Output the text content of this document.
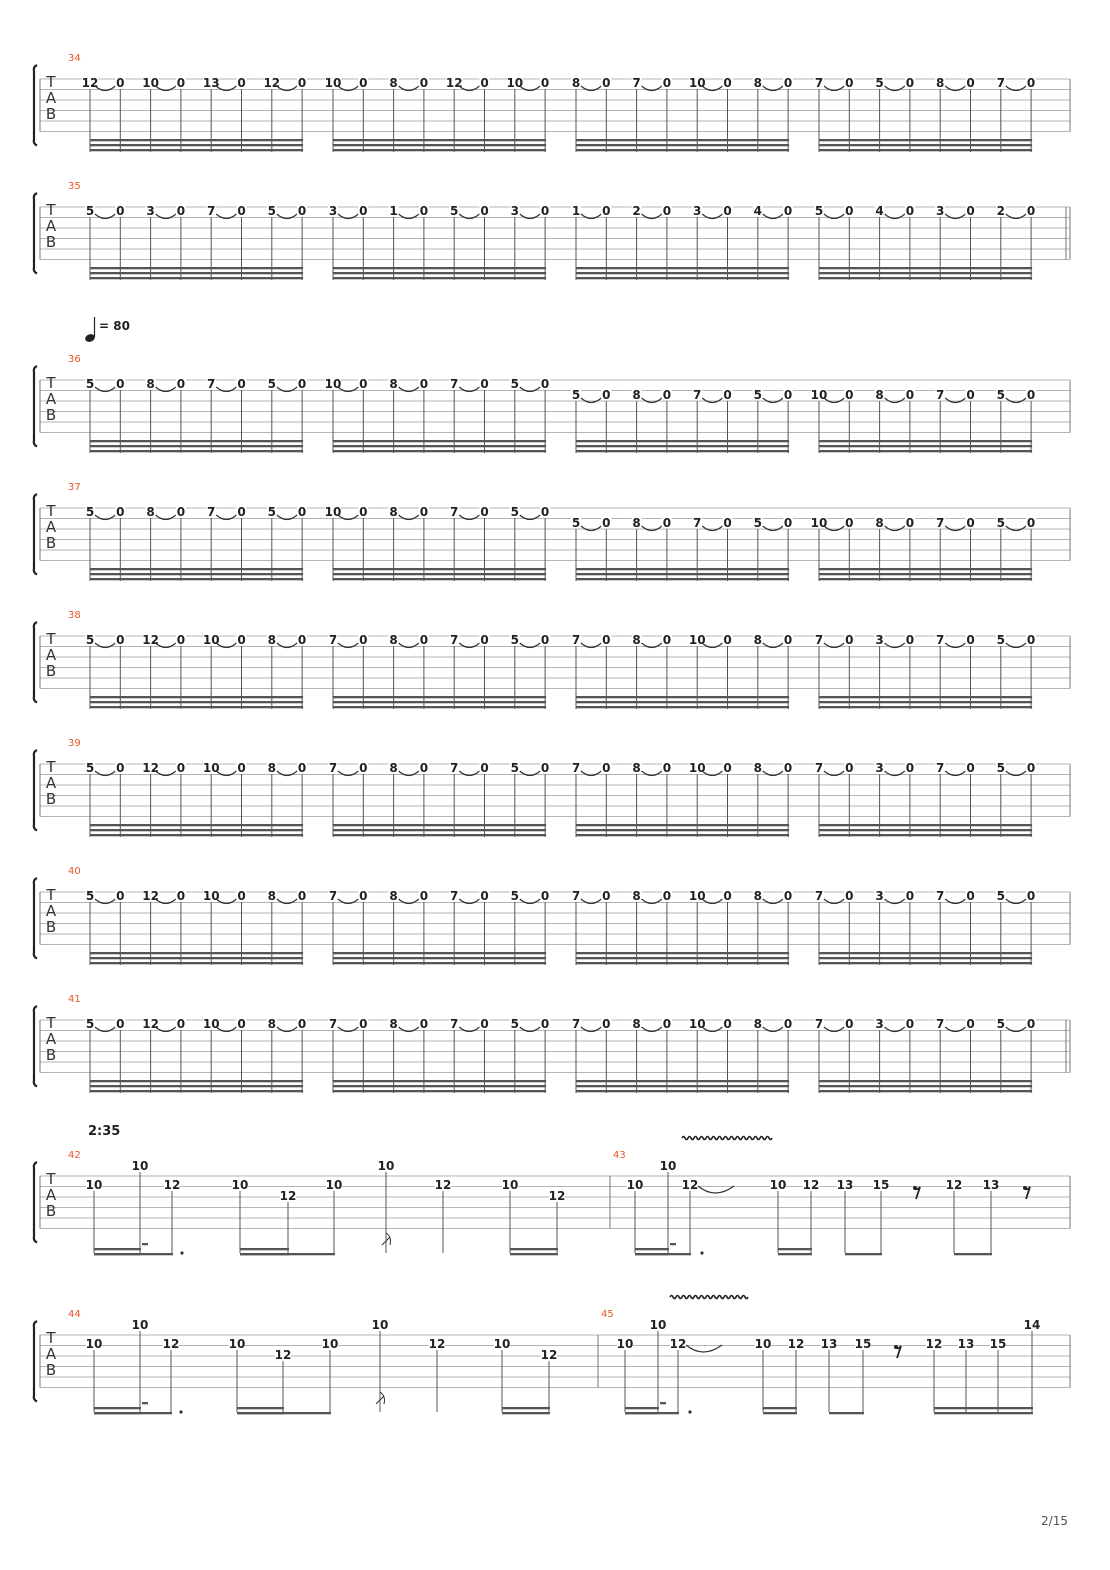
T
A
B
34
12 0 10 0 13 0 12 0 10 0 8 0 12 0 10 0 8 0 7 0 10 0 8 0 7 0 5 0 8 0 7 0
T
A
B
35
5 0 3 0 7 0 5 0 3 0 1 0 5 0 3 0 1 0 2 0 3 0 4 0 5 0 4 0 3 0 2 0
T
A
B
36
5 0 8 0 7 0 5 0 10 0 8 0 7 0 5 0
5 0 8 0 7 0 5 0 10 0 8 0 7 0 5 0
T
A
B
37
5 0 8 0 7 0 5 0 10 0 8 0 7 0 5 0
5 0 8 0 7 0 5 0 10 0 8 0 7 0 5 0
T
A
B
38
5 0 12 0 10 0 8 0 7 0 8 0 7 0 5 0 7 0 8 0 10 0 8 0 7 0 3 0 7 0 5 0
T
A
B
39
5 0 12 0 10 0 8 0 7 0 8 0 7 0 5 0 7 0 8 0 10 0 8 0 7 0 3 0 7 0 5 0
T
A
B
40
5 0 12 0 10 0 8 0 7 0 8 0 7 0 5 0 7 0 8 0 10 0 8 0 7 0 3 0 7 0 5 0
T
A
B
41
5 0 12 0 10 0 8 0 7 0 8 0 7 0 5 0 7 0 8 0 10 0 8 0 7 0 3 0 7 0 5 0
= 80
2:35
T
A
B
42	43
10
10
12	10
12
10
10
12	10
12
10
10
12	10 12 13 15	12 13
T
A
B
44	45
10
10
12	10
12
10
10
12	10
12
10
10
12	10 12 13 15	12 13 15
14
2/15
